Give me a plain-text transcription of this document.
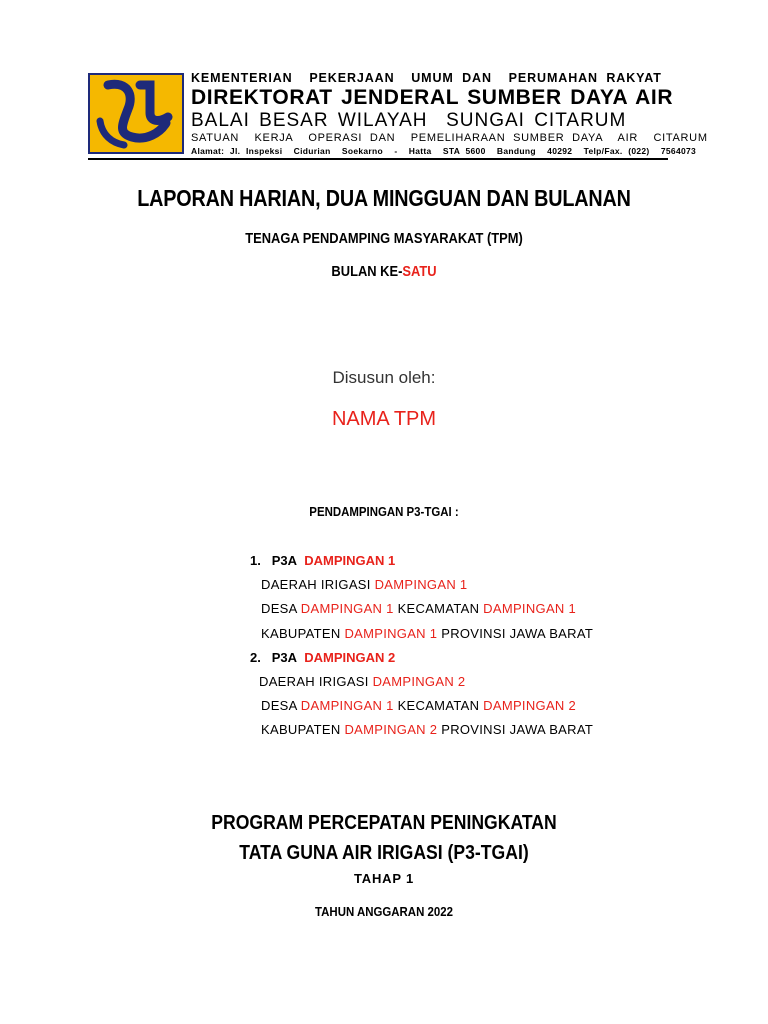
KEMENTERIAN  PEKERJAAN  UMUM DAN  PERUMAHAN RAKYAT
DIREKTORAT JENDERAL SUMBER DAYA AIR
BALAI BESAR WILAYAH  SUNGAI CITARUM
SATUAN  KERJA  OPERASI DAN  PEMELIHARAAN SUMBER DAYA  AIR  CITARUM
Alamat: Jl. Inspeksi  Cidurian  Soekarno  -  Hatta  STA 5600  Bandung  40292  Telp/Fax. (022)  7564073
LAPORAN HARIAN, DUA MINGGUAN DAN BULANAN
TENAGA PENDAMPING MASYARAKAT (TPM)
BULAN KE-SATU
Disusun oleh:
NAMA TPM
PENDAMPINGAN P3-TGAI :
1. P3A DAMPINGAN 1
DAERAH IRIGASI DAMPINGAN 1
DESA DAMPINGAN 1 KECAMATAN DAMPINGAN 1
KABUPATEN DAMPINGAN 1 PROVINSI JAWA BARAT
2. P3A DAMPINGAN 2
DAERAH IRIGASI DAMPINGAN 2
DESA DAMPINGAN 1 KECAMATAN DAMPINGAN 2
KABUPATEN DAMPINGAN 2 PROVINSI JAWA BARAT
PROGRAM PERCEPATAN PENINGKATAN
TATA GUNA AIR IRIGASI (P3-TGAI)
TAHAP 1
TAHUN ANGGARAN 2022
